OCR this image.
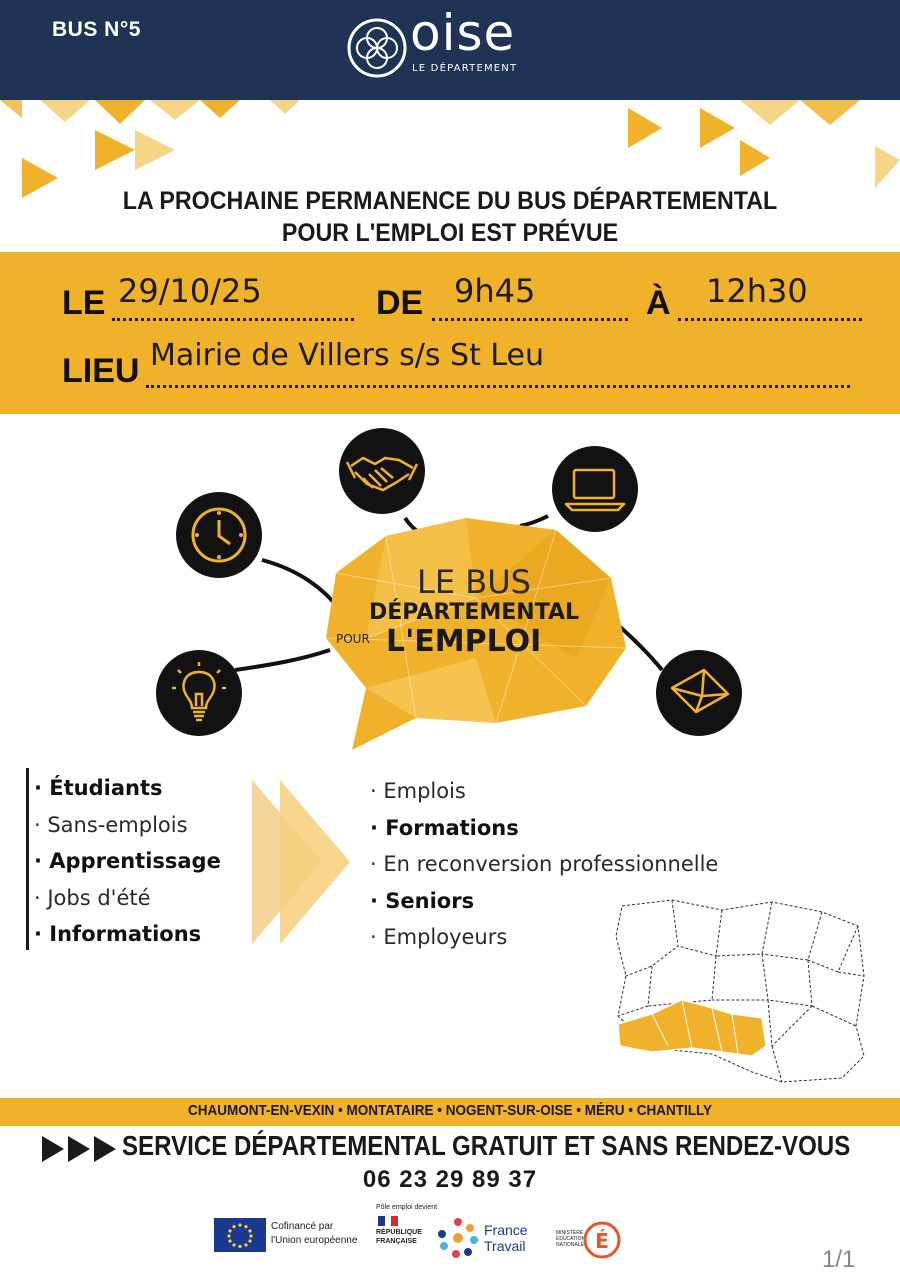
BUS N°5	oise
LE DÉPARTEMENT
LA PROCHAINE PERMANENCE DU BUS DÉPARTEMENTAL
POUR L'EMPLOI EST PRÉVUE
LE 29/10/25	DE 9h45	À 12h30
LIEU Mairie de Villers s/s St Leu
LE BUS
DÉPARTEMENTAL
POUR L'EMPLOI
· Étudiants
· Sans-emplois
· Apprentissage
· Jobs d'été
· Informations
· Emplois
· Formations
· En reconversion professionnelle
· Seniors
· Employeurs
CHAUMONT-EN-VEXIN • MONTATAIRE • NOGENT-SUR-OISE • MÉRU • CHANTILLY
SERVICE DÉPARTEMENTAL GRATUIT ET SANS RENDEZ-VOUS
06 23 29 89 37
Cofinancé par
l'Union européenne
Pôle emploi devient
RÉPUBLIQUE
FRANÇAISE
France
Travail
MINISTÈRE ÉDUCATION NATIONALE É
1/1
